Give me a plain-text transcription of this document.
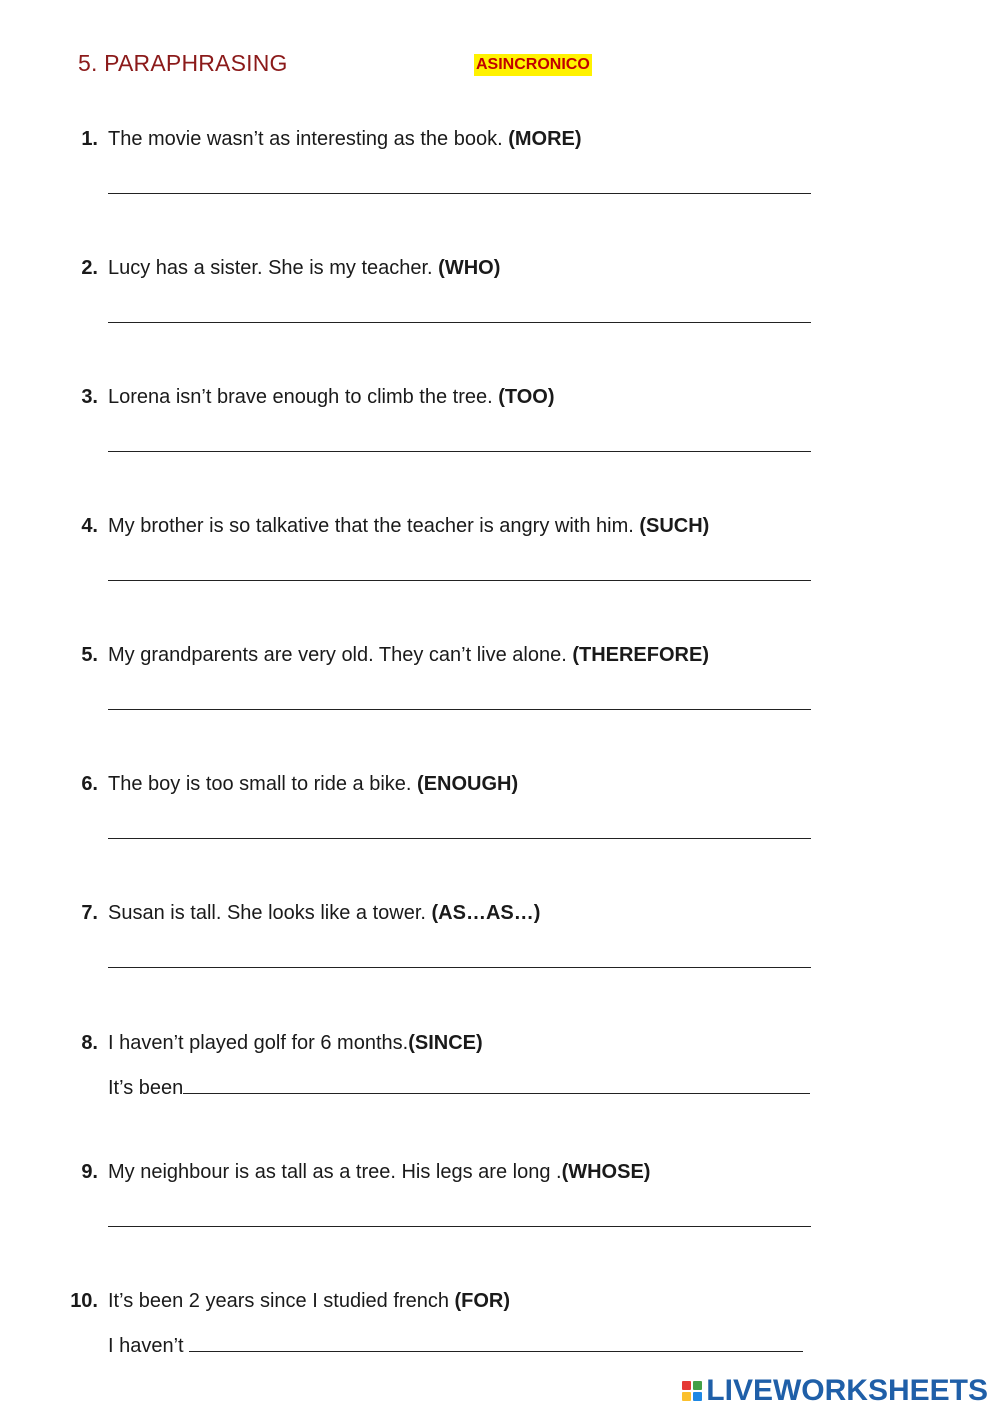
5. PARAPHRASING	ASINCRONICO
1. The movie wasn’t as interesting as the book. (MORE)
2. Lucy has a sister. She is my teacher. (WHO)
3. Lorena isn’t brave enough to climb the tree. (TOO)
4. My brother is so talkative that the teacher is angry with him. (SUCH)
5. My grandparents are very old. They can’t live alone. (THEREFORE)
6. The boy is too small to ride a bike. (ENOUGH)
7. Susan is tall. She looks like a tower. (AS…AS…)
8. I haven’t played golf for 6 months.(SINCE)
It’s been
9. My neighbour is as tall as a tree. His legs are long .(WHOSE)
10. It’s been 2 years since I studied french (FOR)
I haven’t
LIVEWORKSHEETS
